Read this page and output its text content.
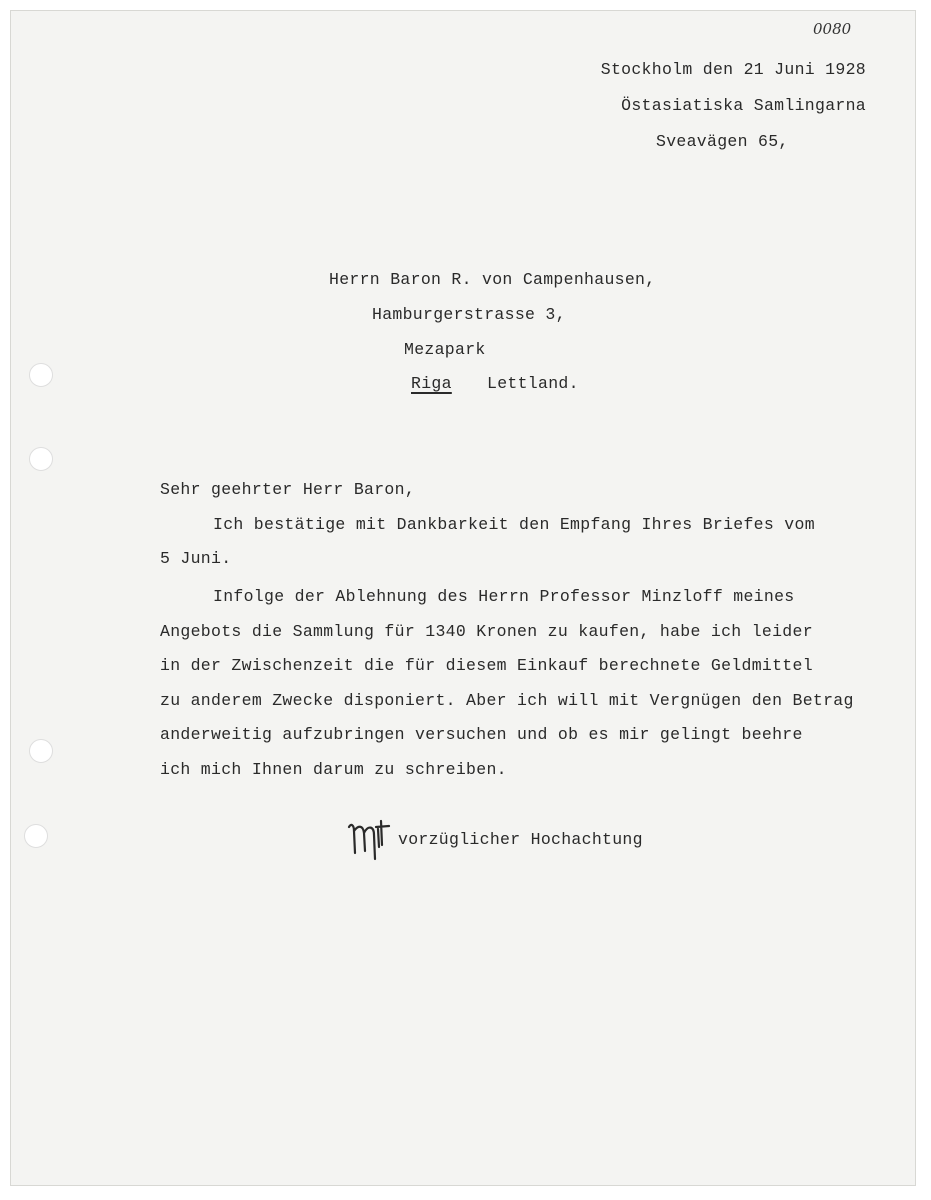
0080
Stockholm den 21 Juni 1928
Östasiatiska Samlingarna
Sveavägen 65,
Herrn Baron R. von Campenhausen,
Hamburgerstrasse 3,
Mezapark
Riga Lettland.
Sehr geehrter Herr Baron,
Ich bestätige mit Dankbarkeit den Empfang Ihres Briefes vom
5 Juni.
Infolge der Ablehnung des Herrn Professor Minzloff meines
Angebots die Sammlung für 1340 Kronen zu kaufen, habe ich leider
in der Zwischenzeit die für diesem Einkauf berechnete Geldmittel
zu anderem Zwecke disponiert. Aber ich will mit Vergnügen den Betrag
anderweitig aufzubringen versuchen und ob es mir gelingt beehre
ich mich Ihnen darum zu schreiben.
vorzüglicher Hochachtung
